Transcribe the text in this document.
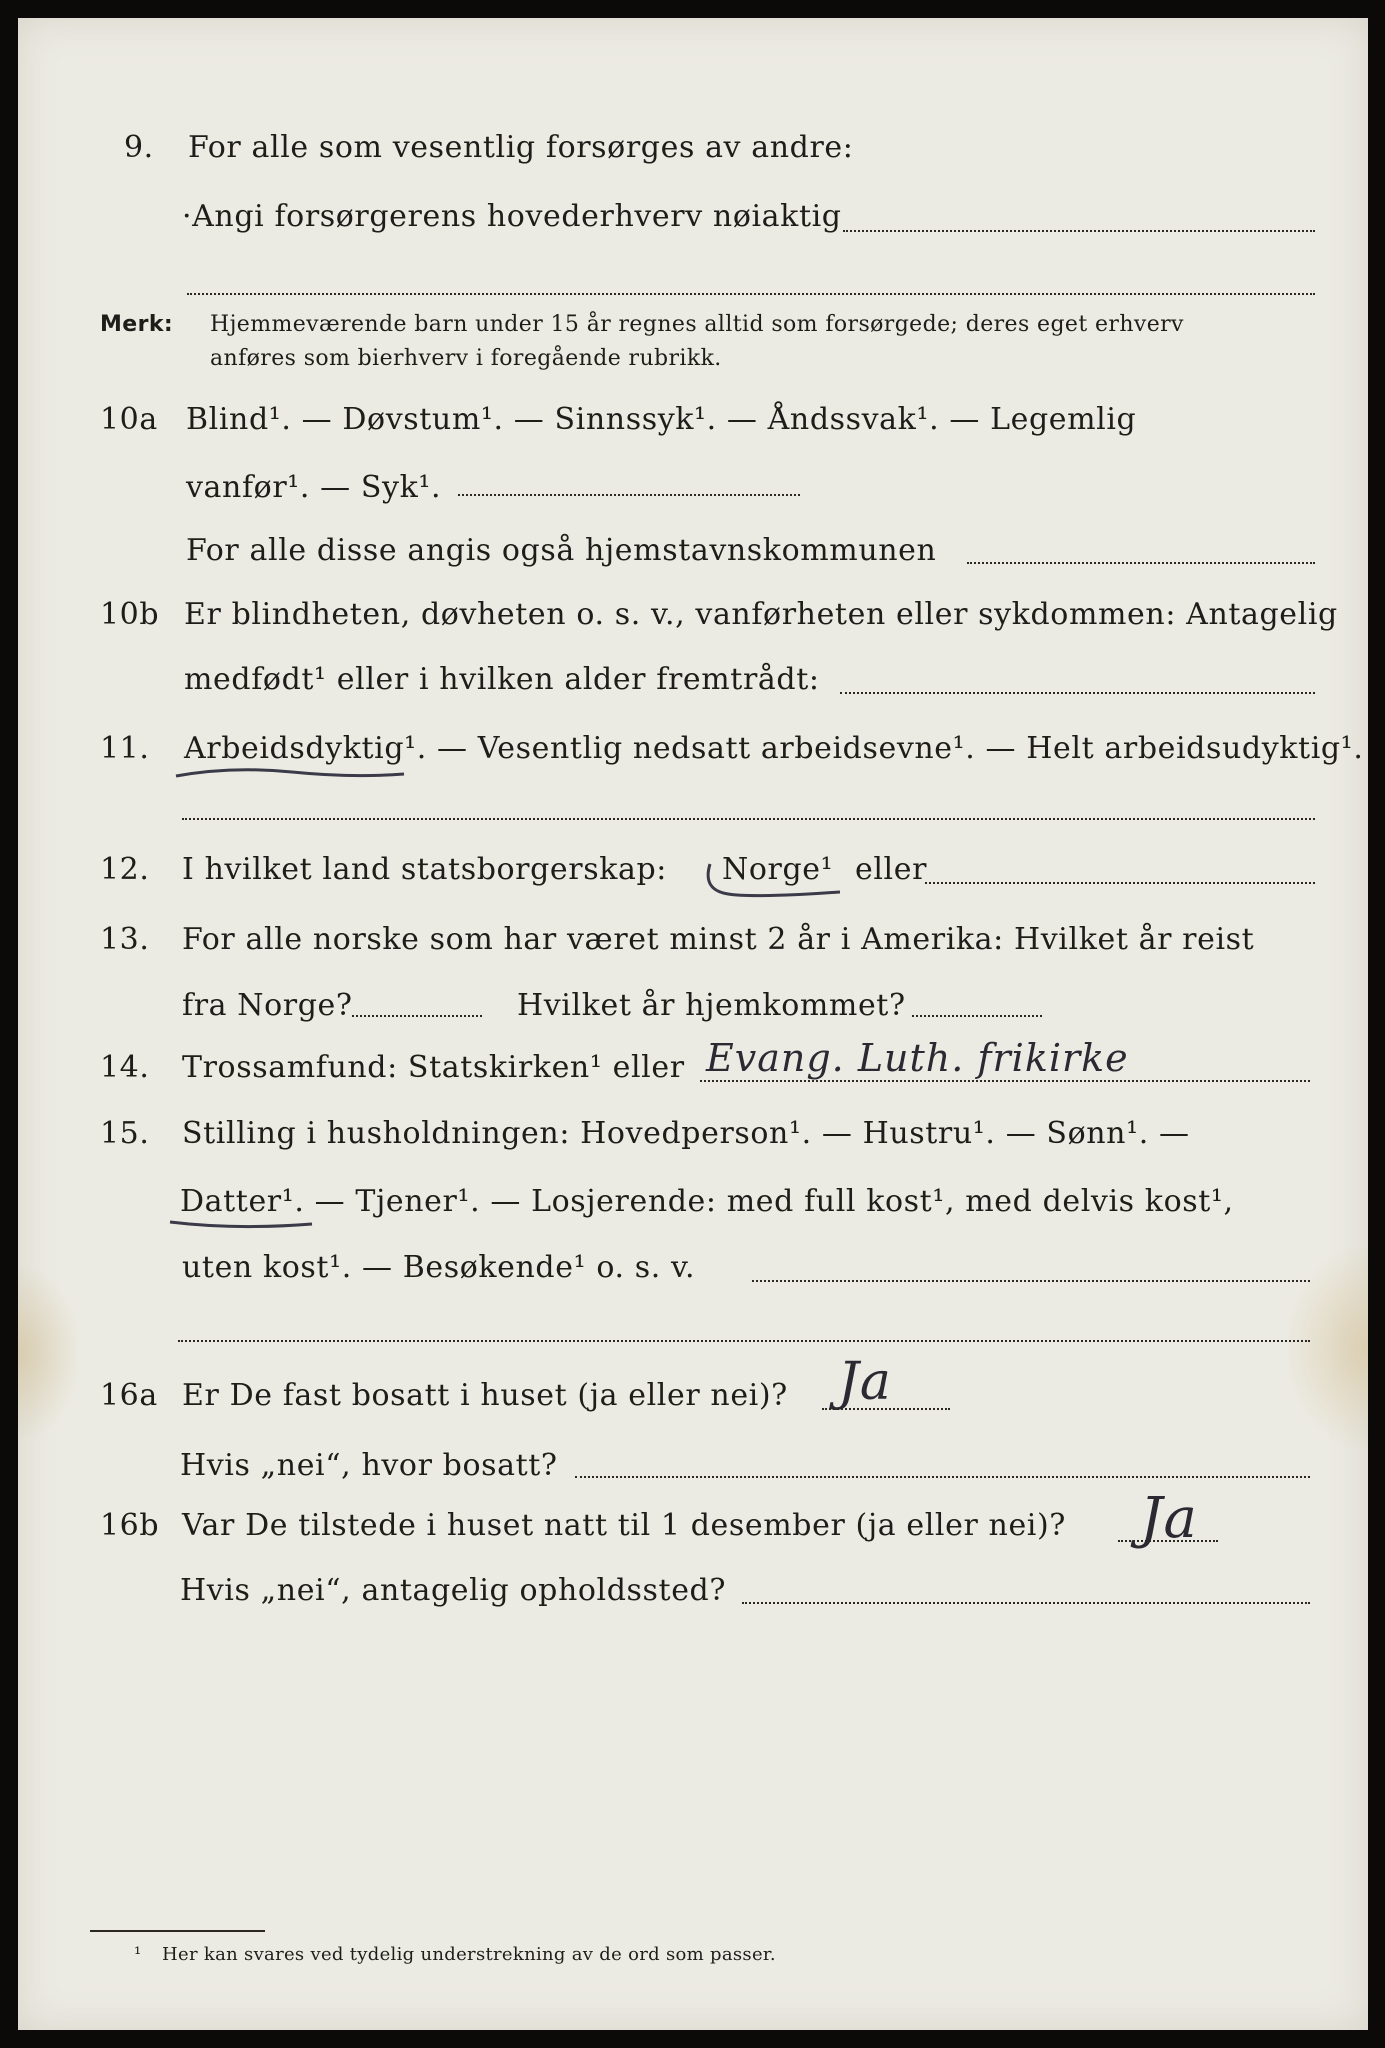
9. For alle som vesentlig forsørges av andre:
·Angi forsørgerens hovederhverv nøiaktig
Merk: Hjemmeværende barn under 15 år regnes alltid som forsørgede; deres eget erhverv
anføres som bierhverv i foregående rubrikk.
10a Blind¹. — Døvstum¹. — Sinnssyk¹. — Åndssvak¹. — Legemlig
vanfør¹. — Syk¹.
For alle disse angis også hjemstavnskommunen
10b Er blindheten, døvheten o. s. v., vanførheten eller sykdommen: Antagelig
medfødt¹ eller i hvilken alder fremtrådt:
11. Arbeidsdyktig¹. — Vesentlig nedsatt arbeidsevne¹. — Helt arbeidsudyktig¹.
12. I hvilket land statsborgerskap: Norge¹ eller
13. For alle norske som har været minst 2 år i Amerika: Hvilket år reist
fra Norge?	Hvilket år hjemkommet?
14. Trossamfund: Statskirken¹ eller Evang. Luth. frikirke
15. Stilling i husholdningen: Hovedperson¹. — Hustru¹. — Sønn¹. —
Datter¹. — Tjener¹. — Losjerende: med full kost¹, med delvis kost¹,
uten kost¹. — Besøkende¹ o. s. v.
16a Er De fast bosatt i huset (ja eller nei)? Ja
Hvis „nei“, hvor bosatt?
16b Var De tilstede i huset natt til 1 desember (ja eller nei)? Ja
Hvis „nei“, antagelig opholdssted?
¹ Her kan svares ved tydelig understrekning av de ord som passer.
